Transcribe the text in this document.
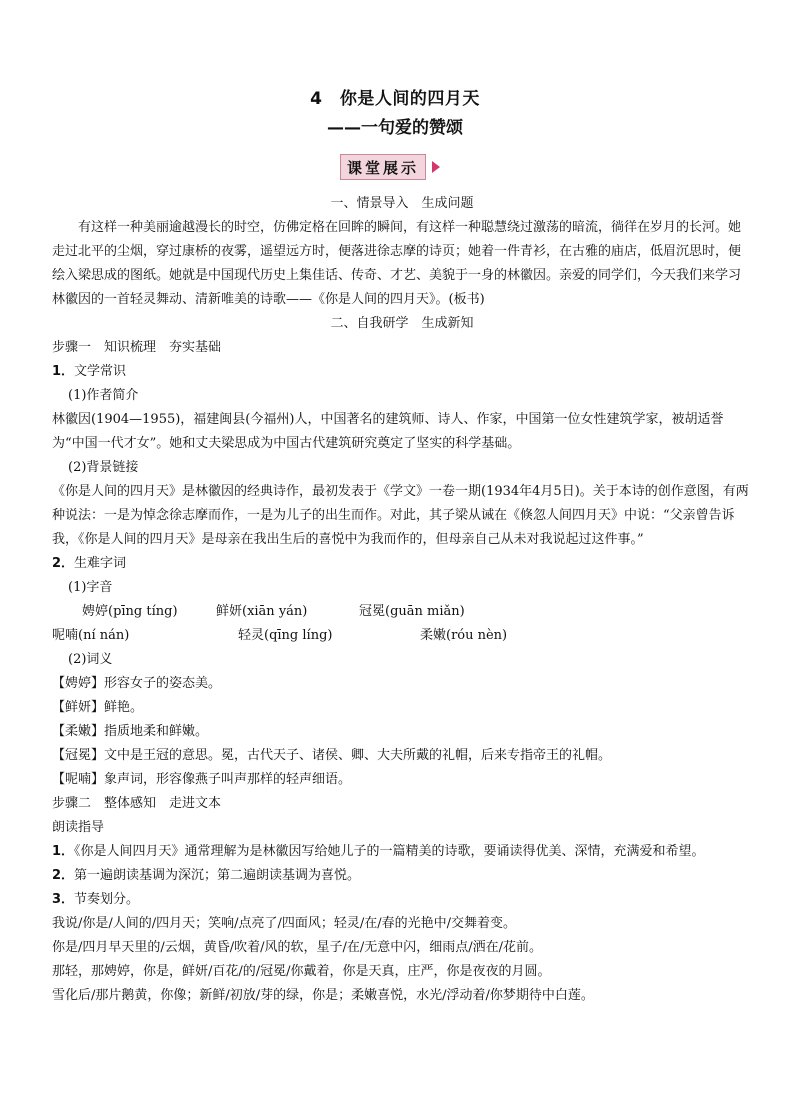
4　你是人间的四月天
——一句爱的赞颂
课堂展示

一、情景导入　生成问题

有这样一种美丽逾越漫长的时空，仿佛定格在回眸的瞬间，有这样一种聪慧绕过激荡的暗流，徜徉在岁月的长河。她走过北平的尘烟，穿过康桥的夜雾，遥望远方时，便落进徐志摩的诗页；她着一件青衫，在古雅的庙店，低眉沉思时，便绘入梁思成的图纸。她就是中国现代历史上集佳话、传奇、才艺、美貌于一身的林徽因。亲爱的同学们，今天我们来学习林徽因的一首轻灵舞动、清新唯美的诗歌——《你是人间的四月天》。(板书)

二、自我研学　生成新知

步骤一　知识梳理　夯实基础

1．文学常识

(1)作者简介

林徽因(1904—1955)，福建闽县(今福州)人，中国著名的建筑师、诗人、作家，中国第一位女性建筑学家，被胡适誉为“中国一代才女”。她和丈夫梁思成为中国古代建筑研究奠定了坚实的科学基础。

(2)背景链接

《你是人间的四月天》是林徽因的经典诗作，最初发表于《学文》一卷一期(1934年4月5日)。关于本诗的创作意图，有两种说法：一是为悼念徐志摩而作，一是为儿子的出生而作。对此，其子梁从诫在《倏忽人间四月天》中说：“父亲曾告诉我，《你是人间的四月天》是母亲在我出生后的喜悦中为我而作的，但母亲自己从未对我说起过这件事。”

2．生难字词

(1)字音

娉婷(pīng tíng)	鲜妍(xiān yán)	冠冕(guān miǎn)
呢喃(ní nán)	轻灵(qīng líng)	柔嫩(róu nèn)

(2)词义

【娉婷】形容女子的姿态美。

【鲜妍】鲜艳。

【柔嫩】指质地柔和鲜嫩。

【冠冕】文中是王冠的意思。冕，古代天子、诸侯、卿、大夫所戴的礼帽，后来专指帝王的礼帽。

【呢喃】象声词，形容像燕子叫声那样的轻声细语。

步骤二　整体感知　走进文本

朗读指导

1．《你是人间四月天》通常理解为是林徽因写给她儿子的一篇精美的诗歌，要诵读得优美、深情，充满爱和希望。

2．第一遍朗读基调为深沉；第二遍朗读基调为喜悦。

3．节奏划分。

我说/你是/人间的/四月天；笑响/点亮了/四面风；轻灵/在/春的光艳中/交舞着变。

你是/四月早天里的/云烟，黄昏/吹着/风的软，星子/在/无意中闪，细雨点/洒在/花前。

那轻，那娉婷，你是，鲜妍/百花/的/冠冕/你戴着，你是天真，庄严，你是夜夜的月圆。

雪化后/那片鹅黄，你像；新鲜/初放/芽的绿，你是；柔嫩喜悦，水光/浮动着/你梦期待中白莲。
